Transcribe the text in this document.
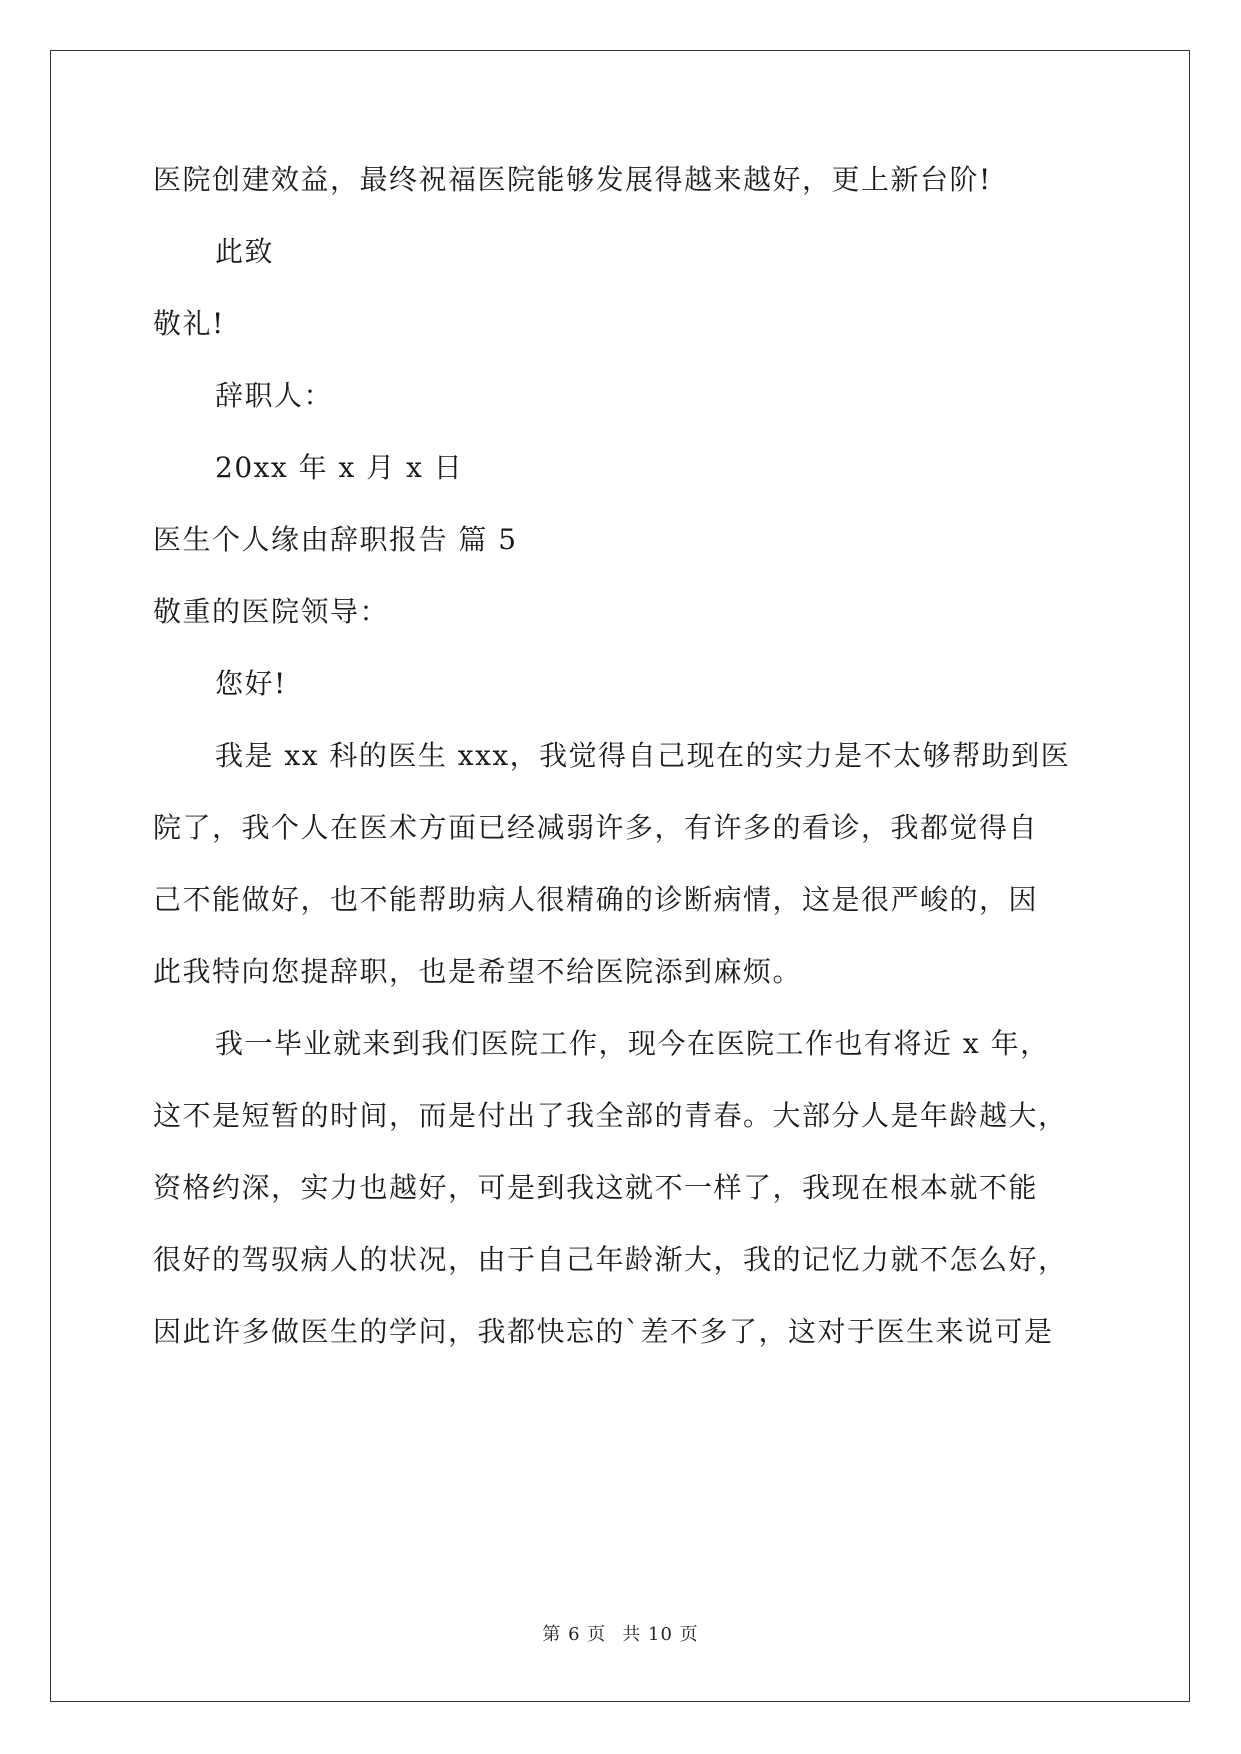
医院创建效益，最终祝福医院能够发展得越来越好，更上新台阶!
此致
敬礼!
辞职人：
20xx 年 x 月 x 日
医生个人缘由辞职报告 篇 5
敬重的医院领导：
您好!
我是 xx 科的医生 xxx，我觉得自己现在的实力是不太够帮助到医
院了，我个人在医术方面已经减弱许多，有许多的看诊，我都觉得自
己不能做好，也不能帮助病人很精确的诊断病情，这是很严峻的，因
此我特向您提辞职，也是希望不给医院添到麻烦。
我一毕业就来到我们医院工作，现今在医院工作也有将近 x 年，
这不是短暂的时间，而是付出了我全部的青春。大部分人是年龄越大，
资格约深，实力也越好，可是到我这就不一样了，我现在根本就不能
很好的驾驭病人的状况，由于自己年龄渐大，我的记忆力就不怎么好，
因此许多做医生的学问，我都快忘的`差不多了，这对于医生来说可是
第 6 页 共 10 页
